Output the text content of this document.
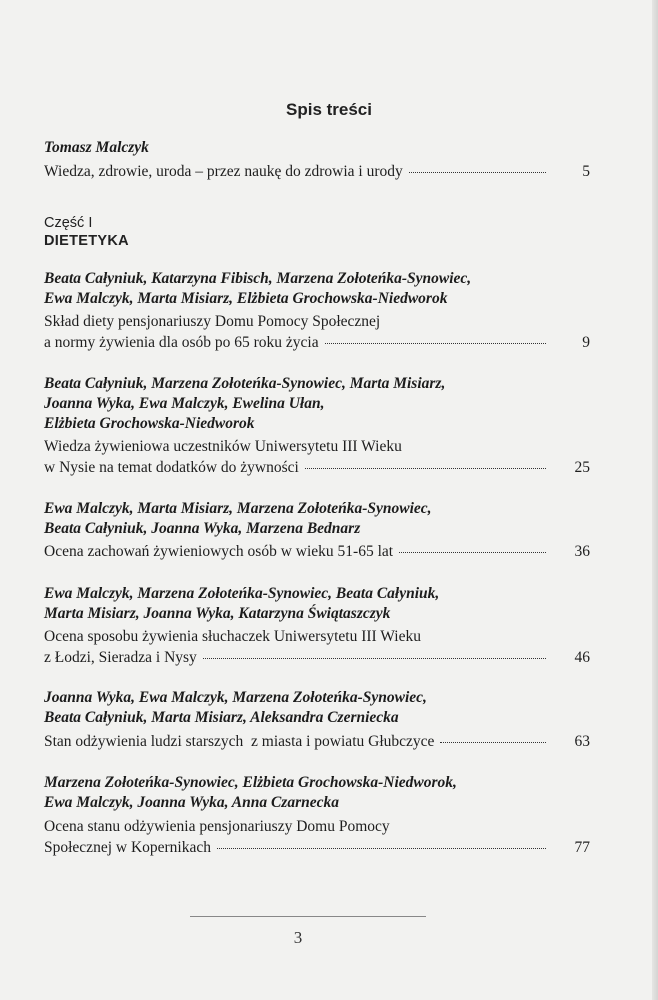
Spis treści
Tomasz Malczyk
Wiedza, zdrowie, uroda – przez naukę do zdrowia i urody	5
Część I
DIETETYKA
Beata Całyniuk, Katarzyna Fibisch, Marzena Zołoteńka-Synowiec,
Ewa Malczyk, Marta Misiarz, Elżbieta Grochowska-Niedworok
Skład diety pensjonariuszy Domu Pomocy Społecznej
a normy żywienia dla osób po 65 roku życia	9
Beata Całyniuk, Marzena Zołoteńka-Synowiec, Marta Misiarz,
Joanna Wyka, Ewa Malczyk, Ewelina Ułan,
Elżbieta Grochowska-Niedworok
Wiedza żywieniowa uczestników Uniwersytetu III Wieku
w Nysie na temat dodatków do żywności	25
Ewa Malczyk, Marta Misiarz, Marzena Zołoteńka-Synowiec,
Beata Całyniuk, Joanna Wyka, Marzena Bednarz
Ocena zachowań żywieniowych osób w wieku 51-65 lat	36
Ewa Malczyk, Marzena Zołoteńka-Synowiec, Beata Całyniuk,
Marta Misiarz, Joanna Wyka, Katarzyna Świątaszczyk
Ocena sposobu żywienia słuchaczek Uniwersytetu III Wieku
z Łodzi, Sieradza i Nysy	46
Joanna Wyka, Ewa Malczyk, Marzena Zołoteńka-Synowiec,
Beata Całyniuk, Marta Misiarz, Aleksandra Czerniecka
Stan odżywienia ludzi starszych  z miasta i powiatu Głubczyce	63
Marzena Zołoteńka-Synowiec, Elżbieta Grochowska-Niedworok,
Ewa Malczyk, Joanna Wyka, Anna Czarnecka
Ocena stanu odżywienia pensjonariuszy Domu Pomocy
Społecznej w Kopernikach	77
3
